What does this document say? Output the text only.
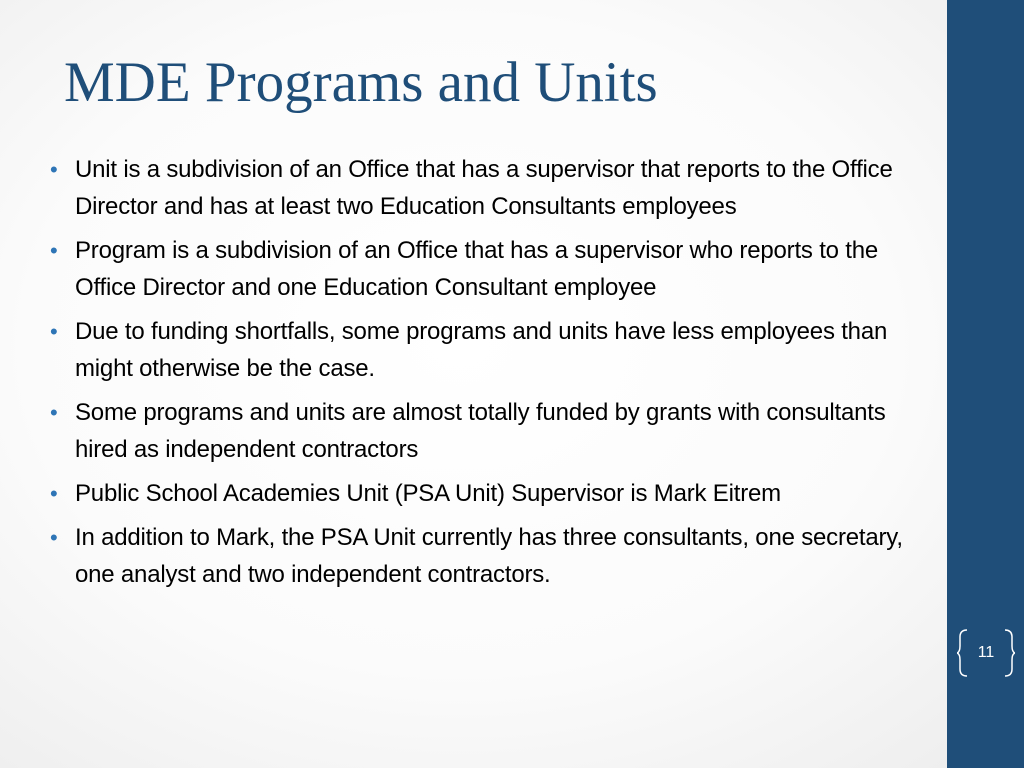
MDE Programs and Units
• Unit is a subdivision of an Office that has a supervisor that reports to the Office Director and has at least two Education Consultants employees
• Program is a subdivision of an Office that has a supervisor who reports to the Office Director and one Education Consultant employee
• Due to funding shortfalls, some programs and units have less employees than might otherwise be the case.
• Some programs and units are almost totally funded by grants with consultants hired as independent contractors
• Public School Academies Unit (PSA Unit) Supervisor is Mark Eitrem
• In addition to Mark, the PSA Unit currently has three consultants, one secretary, one analyst and two independent contractors.
11
